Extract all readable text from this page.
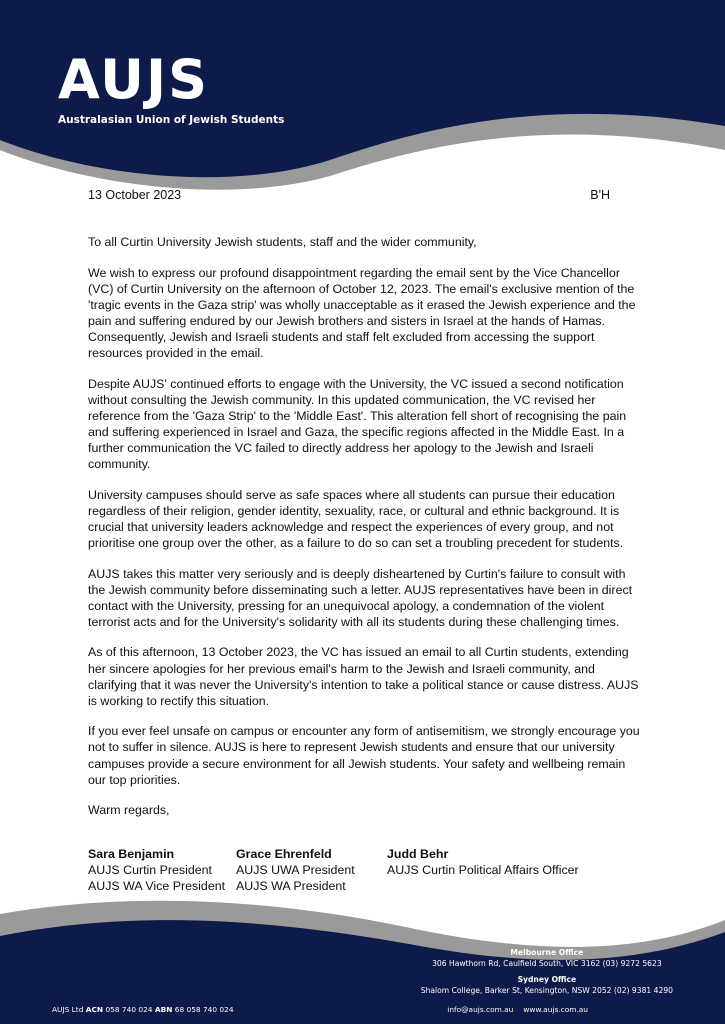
AUJS
Australasian Union of Jewish Students
13 October 2023	B'H

To all Curtin University Jewish students, staff and the wider community,

We wish to express our profound disappointment regarding the email sent by the Vice Chancellor (VC) of Curtin University on the afternoon of October 12, 2023. The email's exclusive mention of the 'tragic events in the Gaza strip' was wholly unacceptable as it erased the Jewish experience and the pain and suffering endured by our Jewish brothers and sisters in Israel at the hands of Hamas. Consequently, Jewish and Israeli students and staff felt excluded from accessing the support resources provided in the email.

Despite AUJS' continued efforts to engage with the University, the VC issued a second notification without consulting the Jewish community. In this updated communication, the VC revised her reference from the 'Gaza Strip' to the 'Middle East'. This alteration fell short of recognising the pain and suffering experienced in Israel and Gaza, the specific regions affected in the Middle East. In a further communication the VC failed to directly address her apology to the Jewish and Israeli community.

University campuses should serve as safe spaces where all students can pursue their education regardless of their religion, gender identity, sexuality, race, or cultural and ethnic background. It is crucial that university leaders acknowledge and respect the experiences of every group, and not prioritise one group over the other, as a failure to do so can set a troubling precedent for students.

AUJS takes this matter very seriously and is deeply disheartened by Curtin's failure to consult with the Jewish community before disseminating such a letter. AUJS representatives have been in direct contact with the University, pressing for an unequivocal apology, a condemnation of the violent terrorist acts and for the University's solidarity with all its students during these challenging times.

As of this afternoon, 13 October 2023, the VC has issued an email to all Curtin students, extending her sincere apologies for her previous email's harm to the Jewish and Israeli community, and clarifying that it was never the University's intention to take a political stance or cause distress. AUJS is working to rectify this situation.

If you ever feel unsafe on campus or encounter any form of antisemitism, we strongly encourage you not to suffer in silence. AUJS is here to represent Jewish students and ensure that our university campuses provide a secure environment for all Jewish students. Your safety and wellbeing remain our top priorities.

Warm regards,

Sara Benjamin
AUJS Curtin President
AUJS WA Vice President
Grace Ehrenfeld
AUJS UWA President
AUJS WA President
Judd Behr
AUJS Curtin Political Affairs Officer
Melbourne Office
306 Hawthorn Rd, Caulfield South, VIC 3162 (03) 9272 5623
Sydney Office
Shalom College, Barker St, Kensington, NSW 2052 (02) 9381 4290
AUJS Ltd ACN 058 740 024 ABN 68 058 740 024	info@aujs.com.au www.aujs.com.au
